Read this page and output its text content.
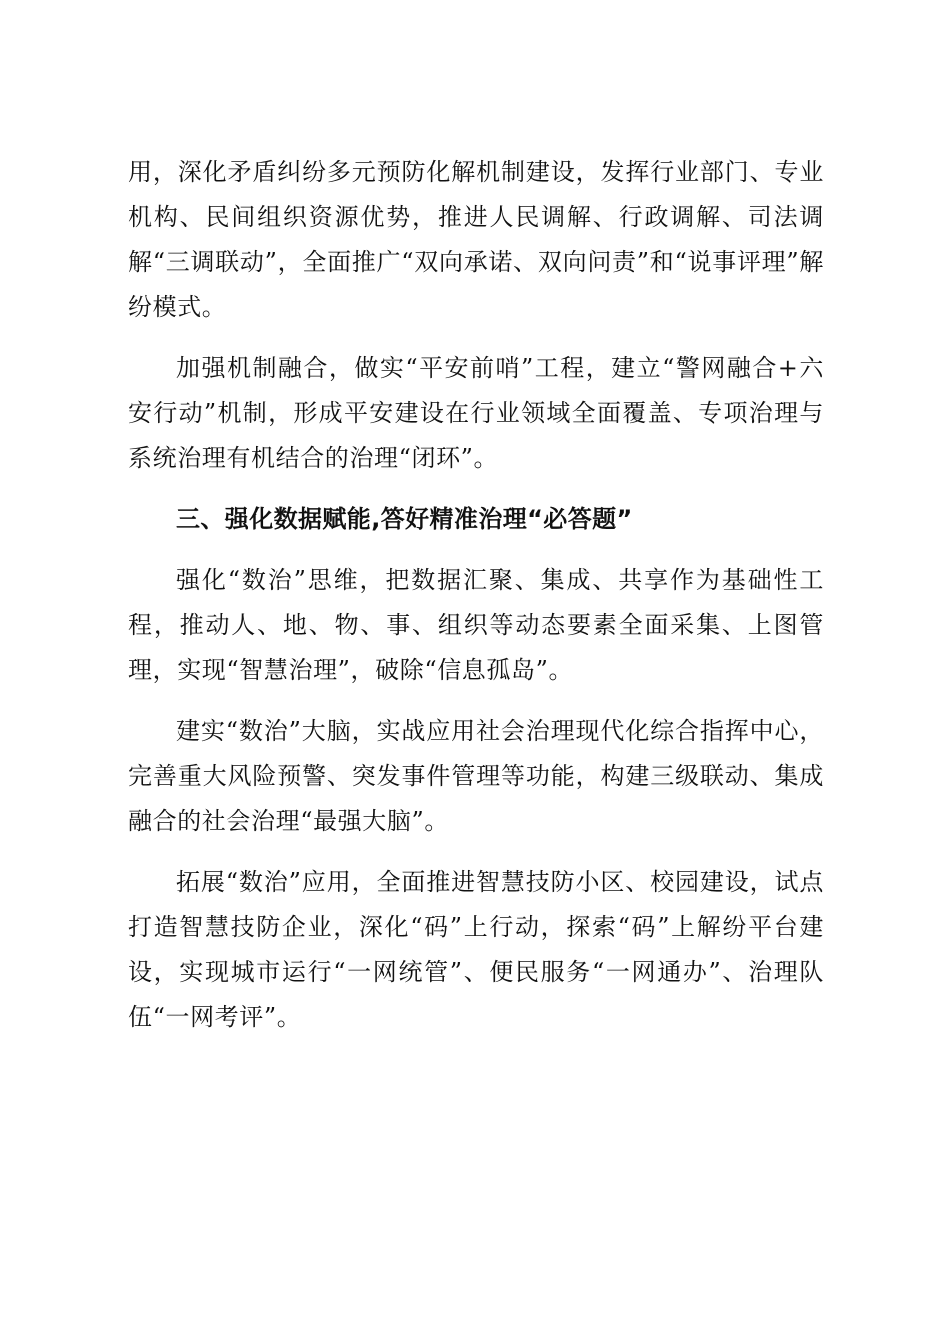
用，深化矛盾纠纷多元预防化解机制建设，发挥行业部门、专业机构、民间组织资源优势，推进人民调解、行政调解、司法调解“三调联动”，全面推广“双向承诺、双向问责”和“说事评理”解纷模式。

加强机制融合，做实“平安前哨”工程，建立“警网融合+六安行动”机制，形成平安建设在行业领域全面覆盖、专项治理与系统治理有机结合的治理“闭环”。

三、强化数据赋能,答好精准治理“必答题”

强化“数治”思维，把数据汇聚、集成、共享作为基础性工程，推动人、地、物、事、组织等动态要素全面采集、上图管理，实现“智慧治理”，破除“信息孤岛”。

建实“数治”大脑，实战应用社会治理现代化综合指挥中心，完善重大风险预警、突发事件管理等功能，构建三级联动、集成融合的社会治理“最强大脑”。

拓展“数治”应用，全面推进智慧技防小区、校园建设，试点打造智慧技防企业，深化“码”上行动，探索“码”上解纷平台建设，实现城市运行“一网统管”、便民服务“一网通办”、治理队伍“一网考评”。
